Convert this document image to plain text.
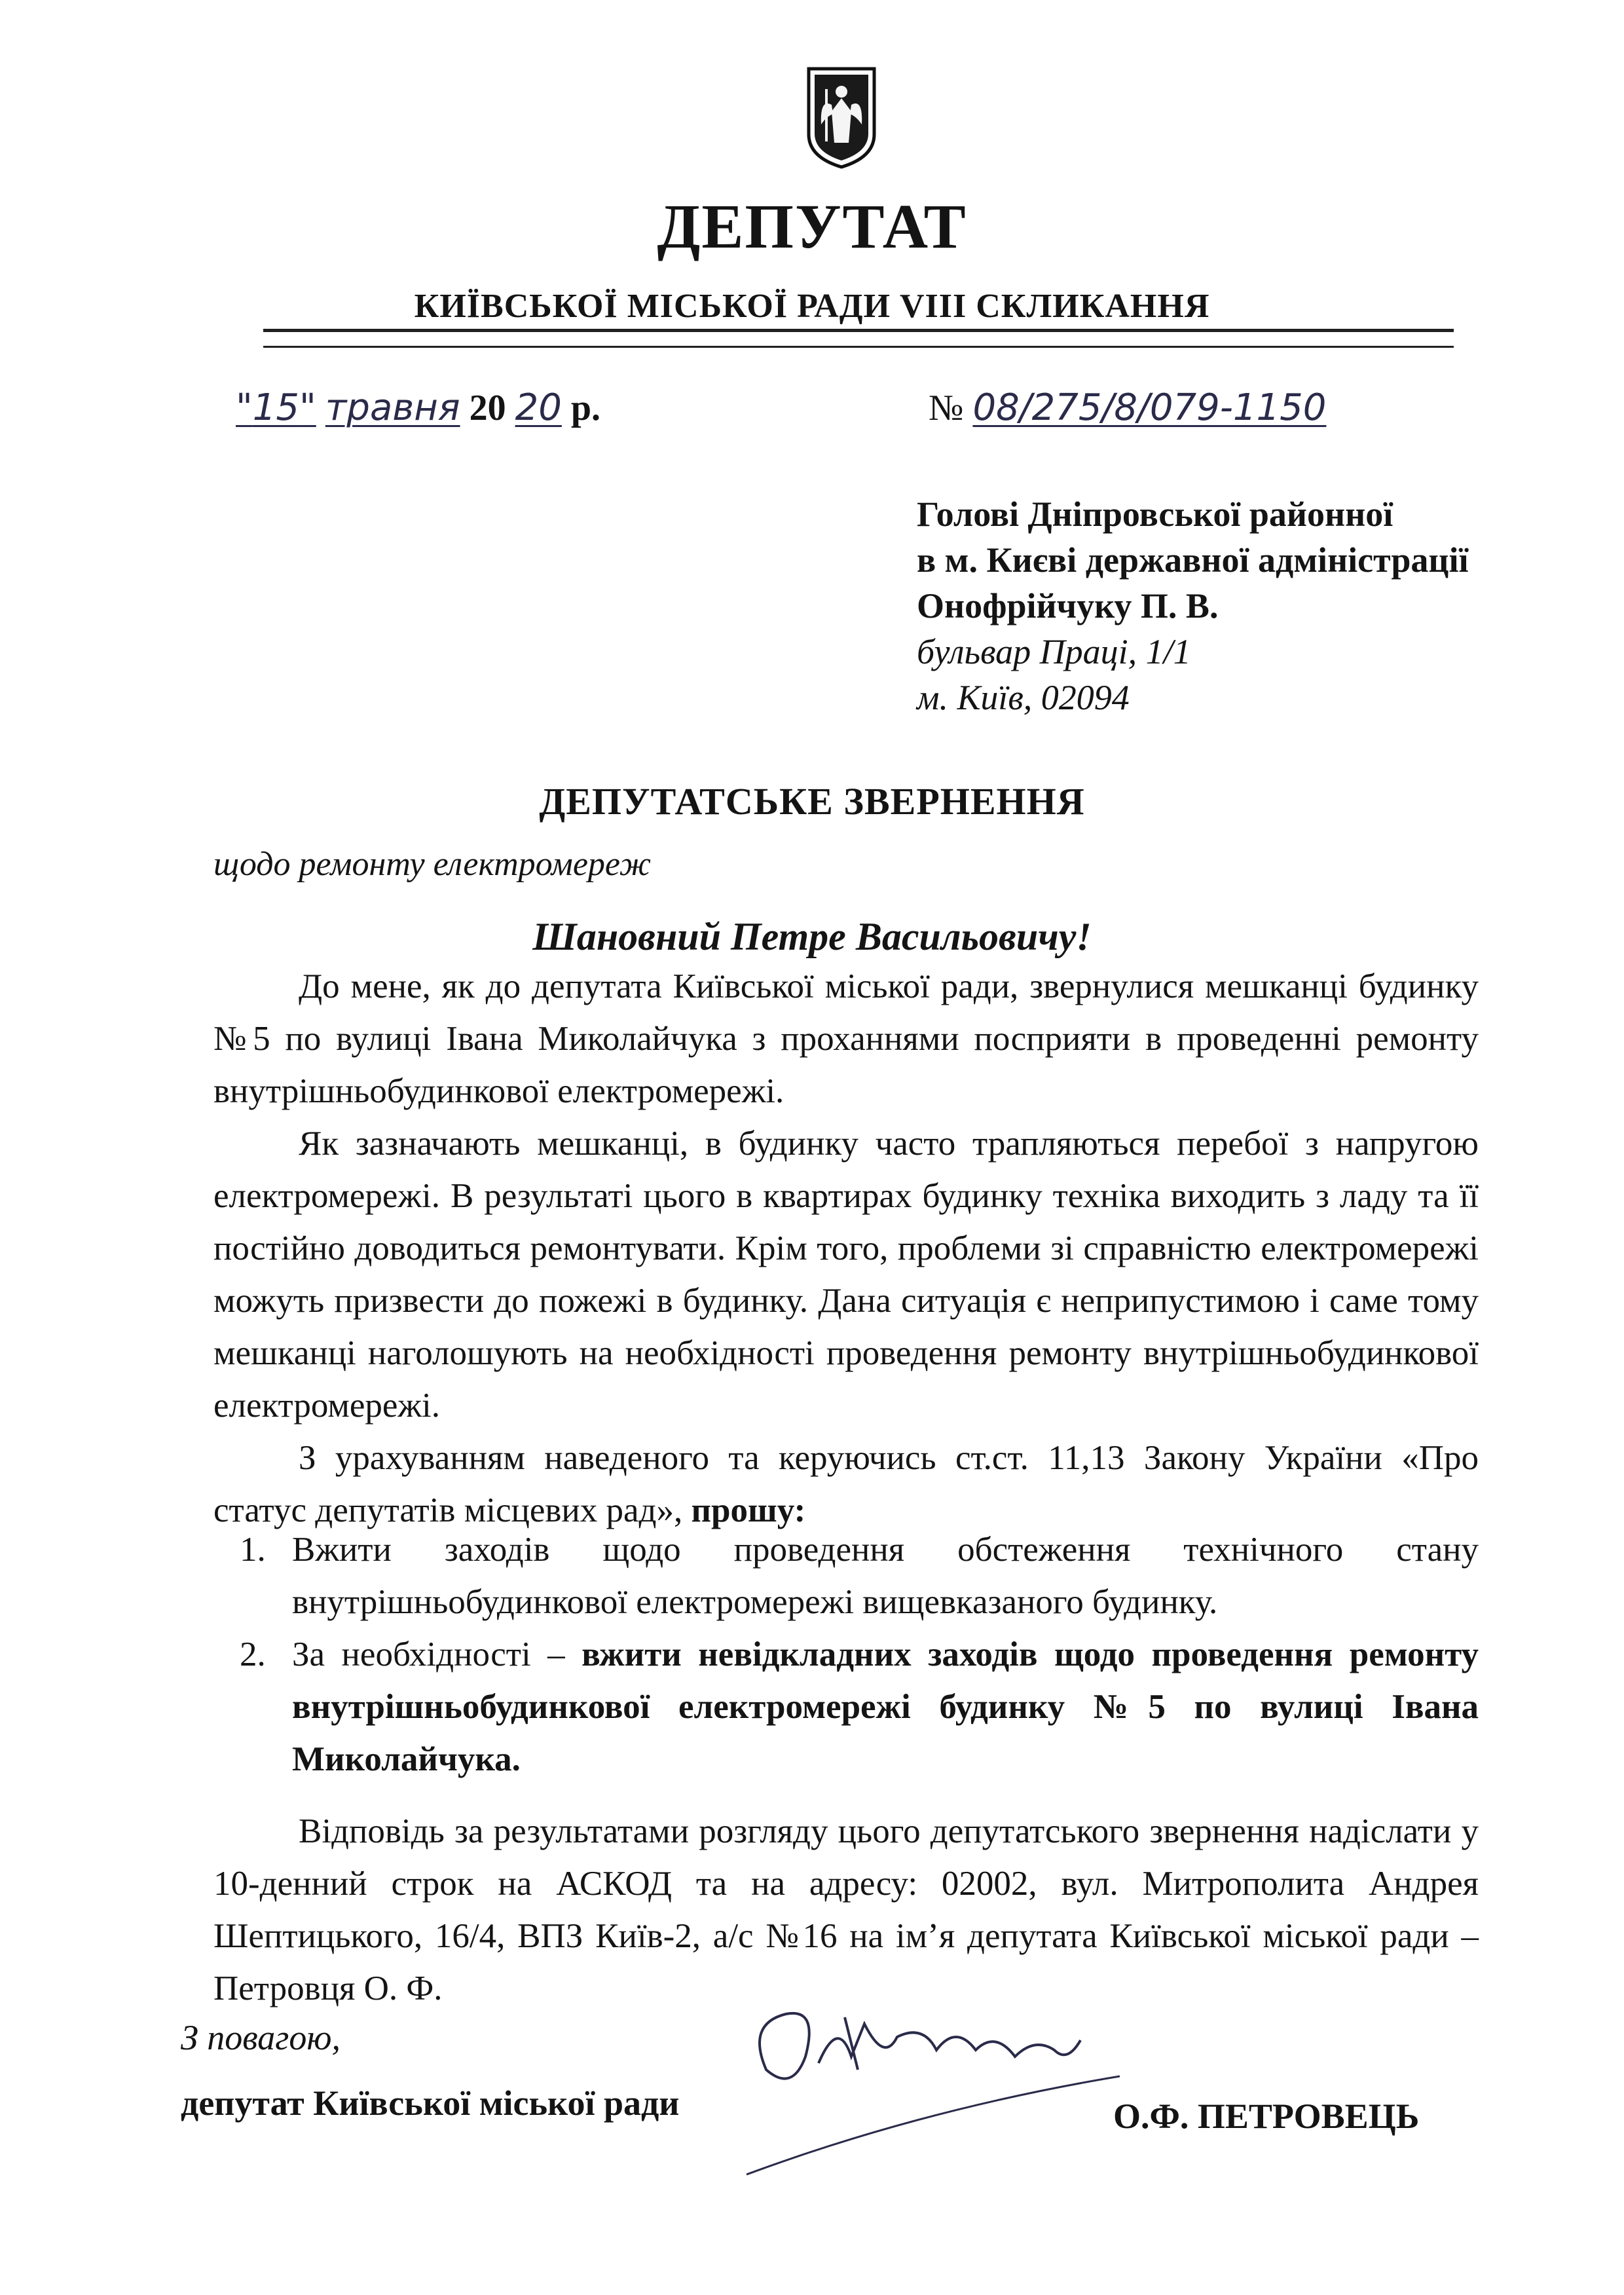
ДЕПУТАТ
КИЇВСЬКОЇ МІСЬКОЇ РАДИ VIII СКЛИКАННЯ
"15" травня 20 20 р.	№ 08/275/8/079-1150
Голові Дніпровської районної
в м. Києві державної адміністрації
Онофрійчуку П. В.
бульвар Праці, 1/1
м. Київ, 02094
ДЕПУТАТСЬКЕ ЗВЕРНЕННЯ
щодо ремонту електромереж
Шановний Петре Васильовичу!

До мене, як до депутата Київської міської ради, звернулися мешканці будинку №5 по вулиці Івана Миколайчука з проханнями посприяти в проведенні ремонту внутрішньобудинкової електромережі.

Як зазначають мешканці, в будинку часто трапляються перебої з напругою електромережі. В результаті цього в квартирах будинку техніка виходить з ладу та її постійно доводиться ремонтувати. Крім того, проблеми зі справністю електромережі можуть призвести до пожежі в будинку. Дана ситуація є неприпустимою і саме тому мешканці наголошують на необхідності проведення ремонту внутрішньобудинкової електромережі.

З урахуванням наведеного та керуючись ст.ст. 11,13 Закону України «Про статус депутатів місцевих рад», прошу:

1. Вжити заходів щодо проведення обстеження технічного стану внутрішньобудинкової електромережі вищевказаного будинку.
2. За необхідності – вжити невідкладних заходів щодо проведення ремонту внутрішньобудинкової електромережі будинку №5 по вулиці Івана Миколайчука.

Відповідь за результатами розгляду цього депутатського звернення надіслати у 10-денний строк на АСКОД та на адресу: 02002, вул. Митрополита Андрея Шептицького, 16/4, ВПЗ Київ-2, а/с №16 на ім’я депутата Київської міської ради – Петровця О. Ф.

З повагою,
депутат Київської міської ради	О.Ф. ПЕТРОВЕЦЬ
